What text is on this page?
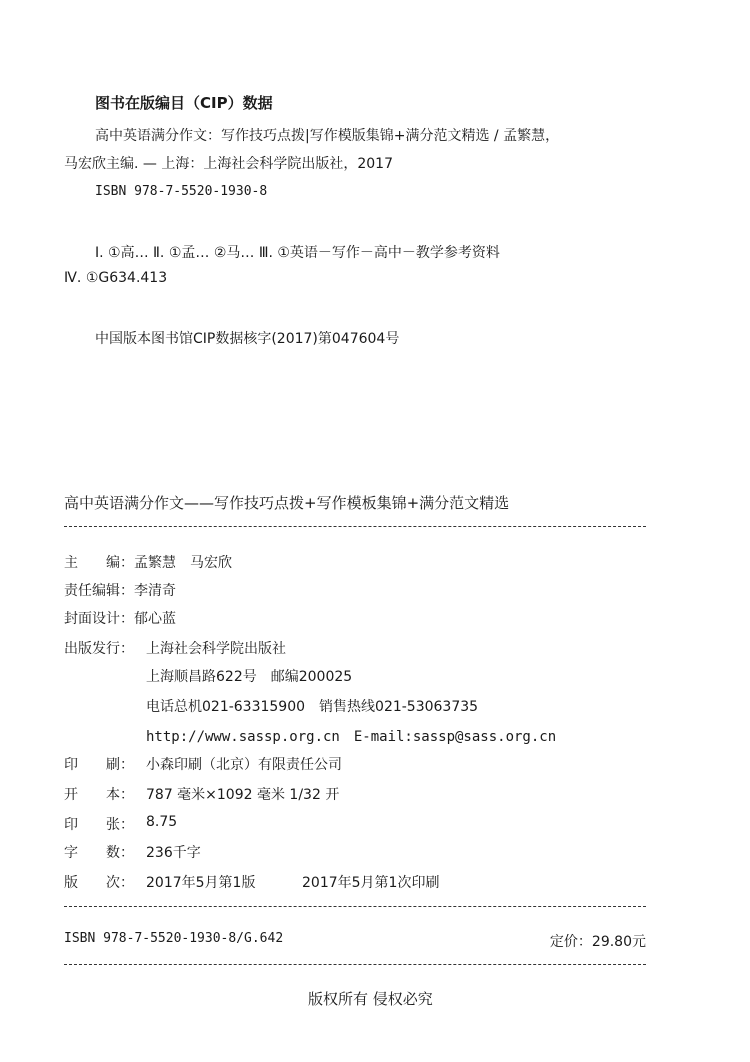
图书在版编目（CIP）数据
高中英语满分作文：写作技巧点拨|写作模版集锦+满分范文精选 / 孟繁慧，
马宏欣主编. — 上海：上海社会科学院出版社，2017
ISBN 978-7-5520-1930-8
Ⅰ. ①高… Ⅱ. ①孟… ②马… Ⅲ. ①英语－写作－高中－教学参考资料
Ⅳ. ①G634.413
中国版本图书馆CIP数据核字(2017)第047604号
高中英语满分作文——写作技巧点拨+写作模板集锦+满分范文精选
主　　编： 孟繁慧　马宏欣
责任编辑： 李清奇
封面设计： 郁心蓝
出版发行： 上海社会科学院出版社
上海顺昌路622号　邮编200025
电话总机021-63315900　销售热线021-53063735
http://www.sassp.org.cn　E-mail:sassp@sass.org.cn
印　　刷： 小森印刷（北京）有限责任公司
开　　本： 787 毫米×1092 毫米 1/32 开
印　　张： 8.75
字　　数： 236千字
版　　次： 2017年5月第1版	2017年5月第1次印刷
ISBN 978-7-5520-1930-8/G.642	定价：29.80元
版权所有 侵权必究
